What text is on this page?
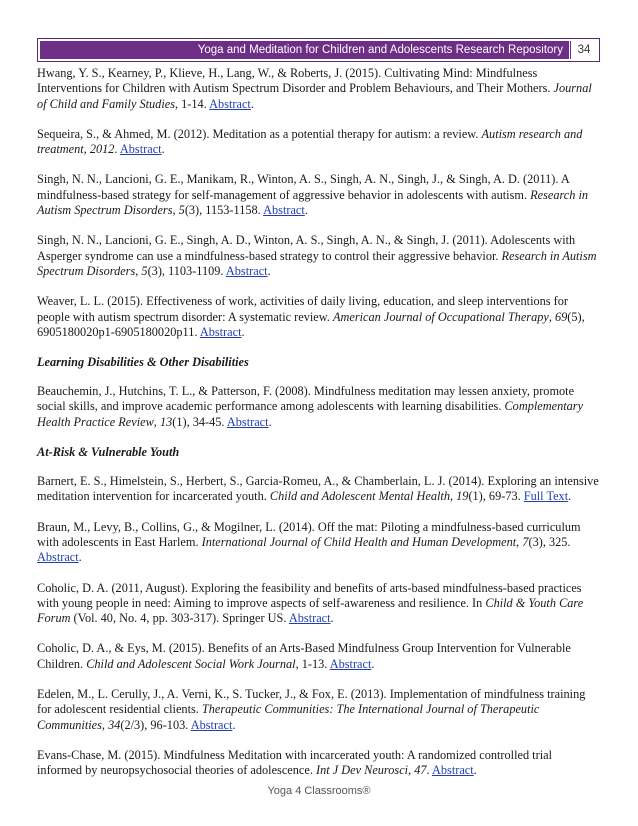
Yoga and Meditation for Children and Adolescents Research Repository	34

Hwang, Y. S., Kearney, P., Klieve, H., Lang, W., & Roberts, J. (2015). Cultivating Mind: Mindfulness Interventions for Children with Autism Spectrum Disorder and Problem Behaviours, and Their Mothers. Journal of Child and Family Studies, 1-14. Abstract.

Sequeira, S., & Ahmed, M. (2012). Meditation as a potential therapy for autism: a review. Autism research and treatment, 2012. Abstract.

Singh, N. N., Lancioni, G. E., Manikam, R., Winton, A. S., Singh, A. N., Singh, J., & Singh, A. D. (2011). A mindfulness-based strategy for self-management of aggressive behavior in adolescents with autism. Research in Autism Spectrum Disorders, 5(3), 1153-1158. Abstract.

Singh, N. N., Lancioni, G. E., Singh, A. D., Winton, A. S., Singh, A. N., & Singh, J. (2011). Adolescents with Asperger syndrome can use a mindfulness-based strategy to control their aggressive behavior. Research in Autism Spectrum Disorders, 5(3), 1103-1109. Abstract.

Weaver, L. L. (2015). Effectiveness of work, activities of daily living, education, and sleep interventions for people with autism spectrum disorder: A systematic review. American Journal of Occupational Therapy, 69(5), 6905180020p1-6905180020p11. Abstract.

Learning Disabilities & Other Disabilities

Beauchemin, J., Hutchins, T. L., & Patterson, F. (2008). Mindfulness meditation may lessen anxiety, promote social skills, and improve academic performance among adolescents with learning disabilities. Complementary Health Practice Review, 13(1), 34-45. Abstract.

At-Risk & Vulnerable Youth

Barnert, E. S., Himelstein, S., Herbert, S., Garcia‐Romeu, A., & Chamberlain, L. J. (2014). Exploring an intensive meditation intervention for incarcerated youth. Child and Adolescent Mental Health, 19(1), 69-73. Full Text.

Braun, M., Levy, B., Collins, G., & Mogilner, L. (2014). Off the mat: Piloting a mindfulness-based curriculum with adolescents in East Harlem. International Journal of Child Health and Human Development, 7(3), 325. Abstract.

Coholic, D. A. (2011, August). Exploring the feasibility and benefits of arts-based mindfulness-based practices with young people in need: Aiming to improve aspects of self-awareness and resilience. In Child & Youth Care Forum (Vol. 40, No. 4, pp. 303-317). Springer US. Abstract.

Coholic, D. A., & Eys, M. (2015). Benefits of an Arts-Based Mindfulness Group Intervention for Vulnerable Children. Child and Adolescent Social Work Journal, 1-13. Abstract.

Edelen, M., L. Cerully, J., A. Verni, K., S. Tucker, J., & Fox, E. (2013). Implementation of mindfulness training for adolescent residential clients. Therapeutic Communities: The International Journal of Therapeutic Communities, 34(2/3), 96-103. Abstract.

Evans-Chase, M. (2015). Mindfulness Meditation with incarcerated youth: A randomized controlled trial informed by neuropsychosocial theories of adolescence. Int J Dev Neurosci, 47. Abstract.

Yoga 4 Classrooms®
